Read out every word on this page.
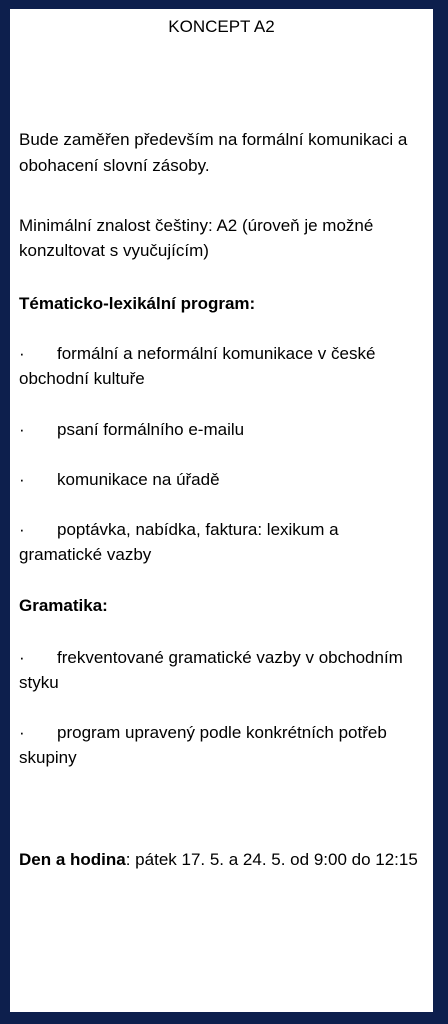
KONCEPT A2
Bude zaměřen především na formální komunikaci a obohacení slovní zásoby.
Minimální znalost češtiny: A2 (úroveň je možné konzultovat s vyučujícím)
Tématicko-lexikální program:
· formální a neformální komunikace v české obchodní kultuře
· psaní formálního e-mailu
· komunikace na úřadě
· poptávka, nabídka, faktura: lexikum a gramatické vazby
Gramatika:
· frekventované gramatické vazby v obchodním styku
· program upravený podle konkrétních potřeb skupiny
Den a hodina: pátek 17. 5. a 24. 5. od 9:00 do 12:15
